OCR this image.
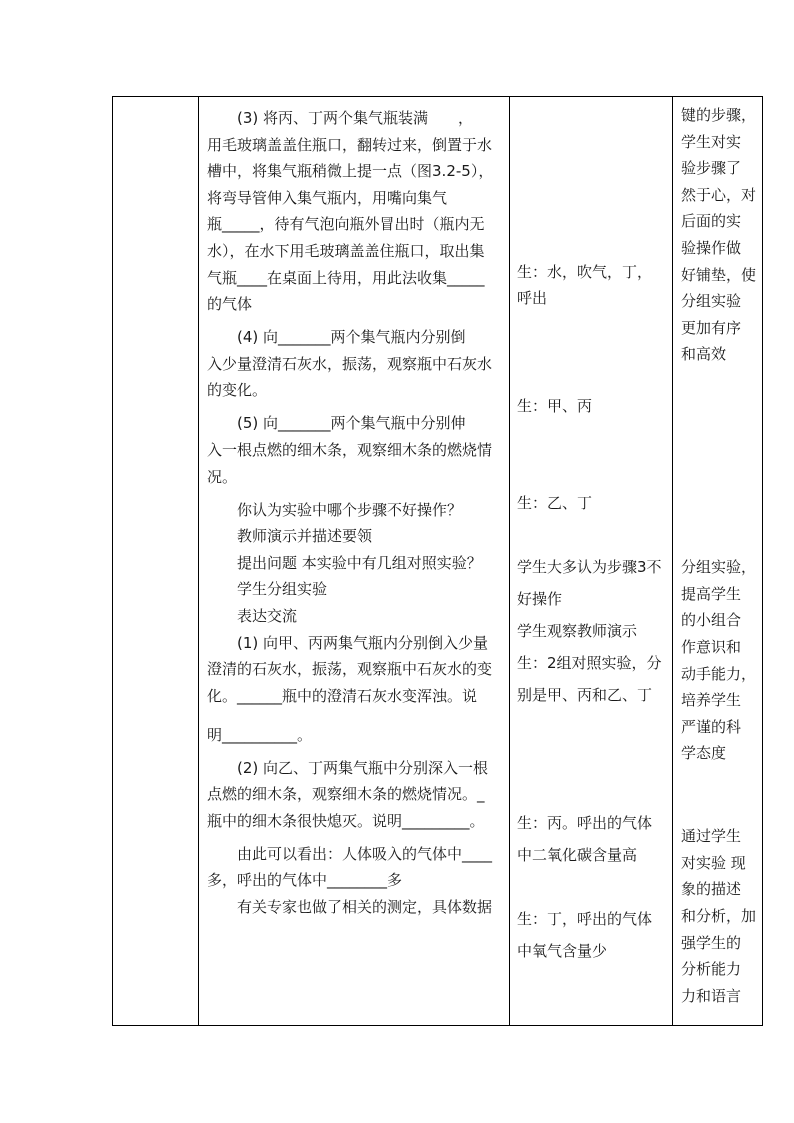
　　(3) 将丙、丁两个集气瓶装满　　，
用毛玻璃盖盖住瓶口，翻转过来，倒置于水
槽中，将集气瓶稍微上提一点（图3.2-5），
将弯导管伸入集气瓶内，用嘴向集气
瓶_____，待有气泡向瓶外冒出时（瓶内无
水），在水下用毛玻璃盖盖住瓶口，取出集
气瓶____在桌面上待用，用此法收集_____
的气体
　　(4) 向_______两个集气瓶内分别倒
入少量澄清石灰水，振荡，观察瓶中石灰水
的变化。
　　(5) 向_______两个集气瓶中分别伸
入一根点燃的细木条，观察细木条的燃烧情
况。
　　你认为实验中哪个步骤不好操作？
　　教师演示并描述要领
　　提出问题 本实验中有几组对照实验？
　　学生分组实验
　　表达交流
　　(1) 向甲、丙两集气瓶内分别倒入少量
澄清的石灰水，振荡，观察瓶中石灰水的变
化。______瓶中的澄清石灰水变浑浊。说
明__________。
　　(2) 向乙、丁两集气瓶中分别深入一根
点燃的细木条，观察细木条的燃烧情况。_
瓶中的细木条很快熄灭。说明_________。
　　由此可以看出：人体吸入的气体中____
多，呼出的气体中________多
　　有关专家也做了相关的测定，具体数据
生：水，吹气，丁，
呼出
生：甲、丙
生：乙、丁
学生大多认为步骤3不
好操作
学生观察教师演示
生：2组对照实验，分
别是甲、丙和乙、丁
生：丙。呼出的气体
中二氧化碳含量高
生：丁，呼出的气体
中氧气含量少
键的步骤，
学生对实
验步骤了
然于心，对
后面的实
验操作做
好铺垫，使
分组实验
更加有序
和高效
分组实验，
提高学生
的小组合
作意识和
动手能力，
培养学生
严谨的科
学态度
通过学生
对实验 现
象的描述
和分析，加
强学生的
分析能力
力和语言
